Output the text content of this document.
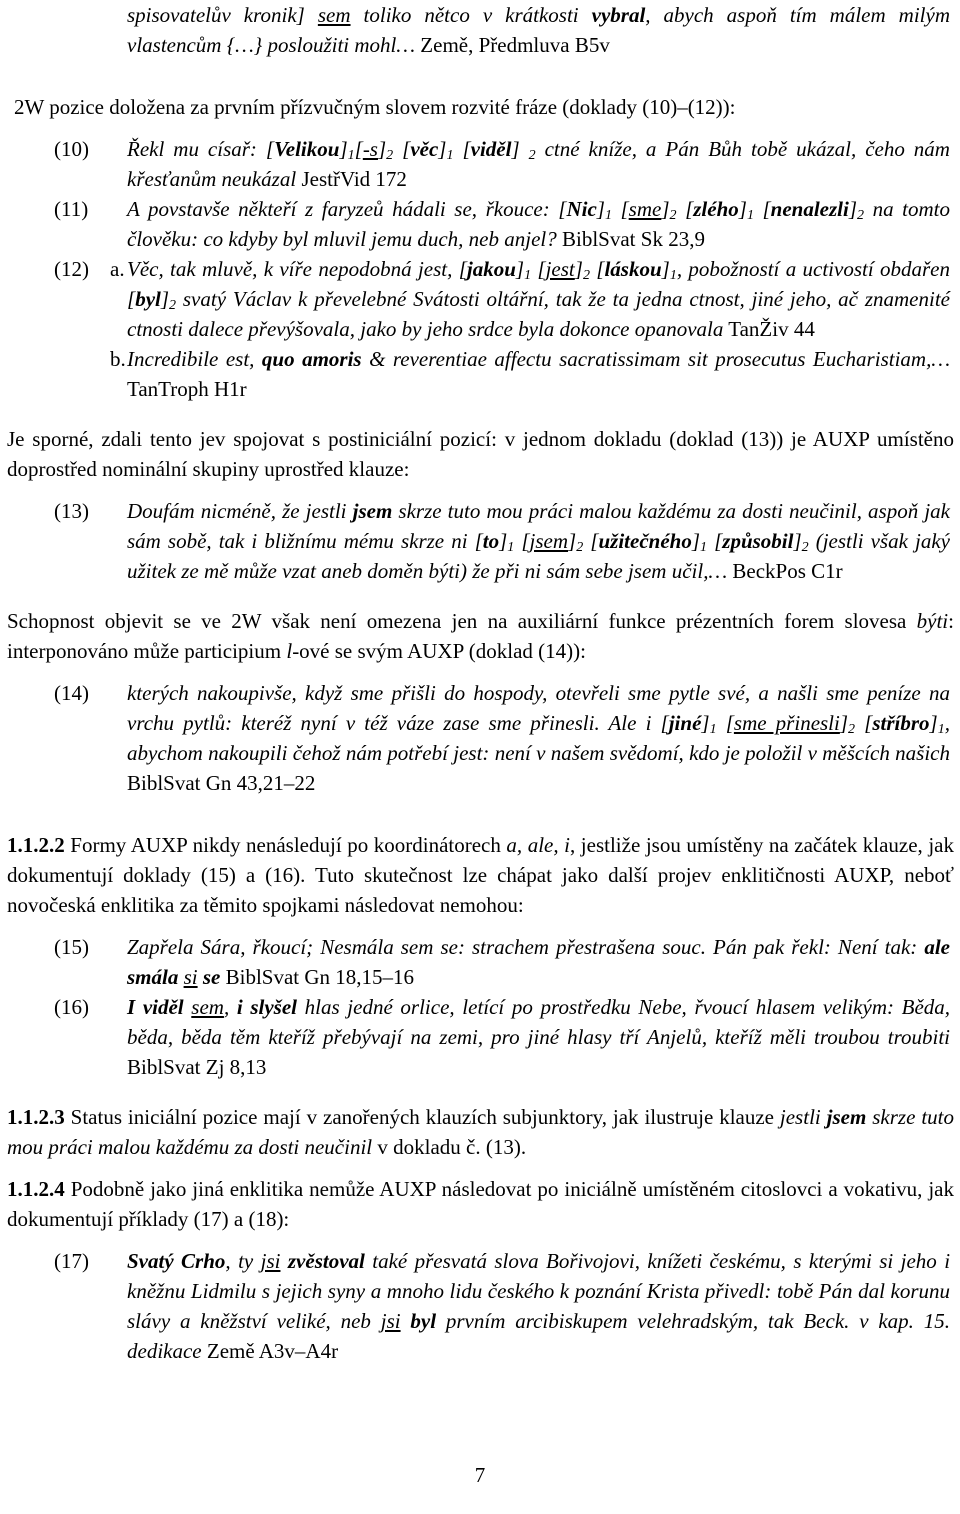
spisovatelův kronik] sem toliko nětco v krátkosti vybral, abych aspoň tím málem milým vlastencům {…} posloužiti mohl… Země, Předmluva B5v

2W pozice doložena za prvním přízvučným slovem rozvité fráze (doklady (10)–(12)):

(10) Řekl mu císař: $[Velikou]_1[-s]_2$ $[věc]_1$ [viděl] $_2$ ctné kníže, a Pán Bůh tobě ukázal, čeho nám křesťanům neukázal JestřVid 172
(11) A povstavše někteří z faryzeů hádali se, řkouce: $[Nic]_1$ $[sme]_2$ $[zlého]_1$ $[nenalezli]_2$ na tomto člověku: co kdyby byl mluvil jemu duch, neb anjel? BiblSvat Sk 23,9
(12) a. Věc, tak mluvě, k víře nepodobná jest, $[jakou]_1$ $[jest]_2$ $[láskou]_1$, pobožností a uctivostí obdařen $[byl]_2$ svatý Václav k převelebné Svátosti oltářní, tak že ta jedna ctnost, jiné jeho, ač znamenité ctnosti dalece převýšovala, jako by jeho srdce byla dokonce opanovala TanŽiv 44
b. Incredibile est, quo amoris & reverentiae affectu sacratissimam sit prosecutus Eucharistiam,… TanTroph H1r

Je sporné, zdali tento jev spojovat s postiniciální pozicí: v jednom dokladu (doklad (13)) je AUXP umístěno doprostřed nominální skupiny uprostřed klauze:

(13) Doufám nicméně, že jestli jsem skrze tuto mou práci malou každému za dosti neučinil, aspoň jak sám sobě, tak i bližnímu mému skrze ni $[to]_1$ $[jsem]_2$ $[užitečného]_1$ $[způsobil]_2$ (jestli však jaký užitek ze mě může vzat aneb doměn býti) že při ni sám sebe jsem učil,… BeckPos C1r

Schopnost objevit se ve 2W však není omezena jen na auxiliární funkce prézentních forem slovesa býti: interponováno může participium l-ové se svým AUXP (doklad (14)):

(14) kterých nakoupivše, když sme přišli do hospody, otevřeli sme pytle své, a našli sme peníze na vrchu pytlů: kteréž nyní v též váze zase sme přinesli. Ale i $[jiné]_1$ [sme $přinesli]_2$ $[stříbro]_1$, abychom nakoupili čehož nám potřebí jest: není v našem svědomí, kdo je položil v měšcích našich BiblSvat Gn 43,21–22

1.1.2.2 Formy AUXP nikdy nenásledují po koordinátorech a, ale, i, jestliže jsou umístěny na začátek klauze, jak dokumentují doklady (15) a (16). Tuto skutečnost lze chápat jako další projev enklitičnosti AUXP, neboť novočeská enklitika za těmito spojkami následovat nemohou:

(15) Zapřela Sára, řkoucí; Nesmála sem se: strachem přestrašena souc. Pán pak řekl: Není tak: ale smála si se BiblSvat Gn 18,15–16
(16) I viděl sem, i slyšel hlas jedné orlice, letící po prostředku Nebe, řvoucí hlasem velikým: Běda, běda, běda těm kteříž přebývají na zemi, pro jiné hlasy tří Anjelů, kteříž měli troubou troubiti BiblSvat Zj 8,13

1.1.2.3 Status iniciální pozice mají v zanořených klauzích subjunktory, jak ilustruje klauze jestli jsem skrze tuto mou práci malou každému za dosti neučinil v dokladu č. (13).

1.1.2.4 Podobně jako jiná enklitika nemůže AUXP následovat po iniciálně umístěném citoslovci a vokativu, jak dokumentují příklady (17) a (18):

(17) Svatý Crho, ty jsi zvěstoval také přesvatá slova Bořivojovi, knížeti českému, s kterými si jeho i kněžnu Lidmilu s jejich syny a mnoho lidu českého k poznání Krista přivedl: tobě Pán dal korunu slávy a kněžství veliké, neb jsi byl prvním arcibiskupem velehradským, tak Beck. v kap. 15. dedikace Země A3v–A4r
7
